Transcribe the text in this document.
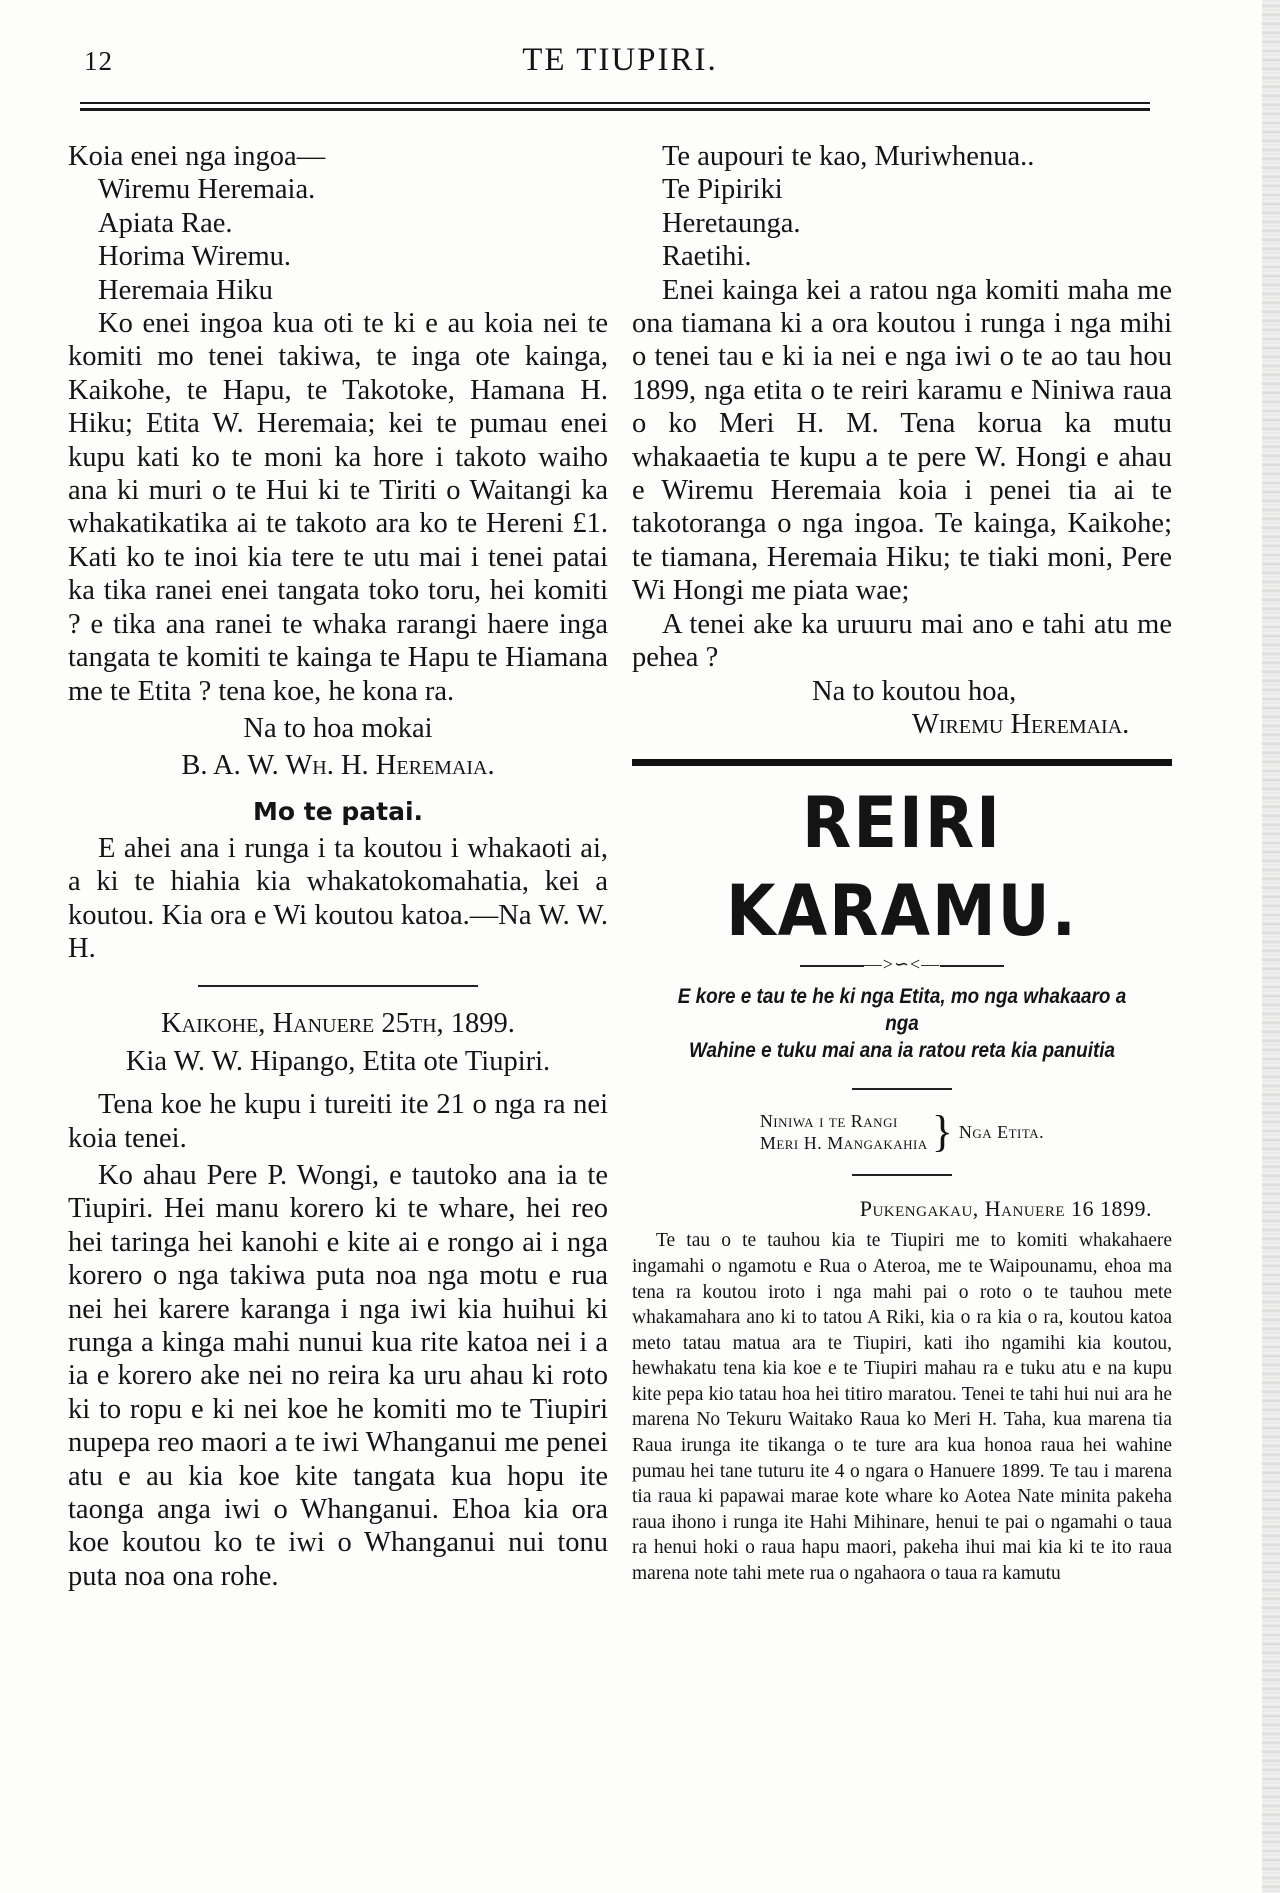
12	TE TIUPIRI.
Koia enei nga ingoa—
Wiremu Heremaia.
Apiata Rae.
Horima Wiremu.
Heremaia Hiku

Ko enei ingoa kua oti te ki e au koia nei te komiti mo tenei takiwa, te inga ote kainga, Kaikohe, te Hapu, te Takotoke, Hamana H. Hiku; Etita W. Heremaia; kei te pumau enei kupu kati ko te moni ka hore i takoto waiho ana ki muri o te Hui ki te Tiriti o Waitangi ka whakatikatika ai te takoto ara ko te Hereni £1. Kati ko te inoi kia tere te utu mai i tenei patai ka tika ranei enei tangata toko toru, hei komiti ? e tika ana ranei te whaka rarangi haere inga tangata te komiti te kainga te Hapu te Hiamana me te Etita ? tena koe, he kona ra.

Na to hoa mokai
B. A. W. Wh. H. Heremaia.
Mo te patai.

E ahei ana i runga i ta koutou i whakaoti ai, a ki te hiahia kia whakatokomahatia, kei a koutou. Kia ora e Wi koutou katoa.—Na W. W. H.

Kaikohe, Hanuere 25th, 1899.
Kia W. W. Hipango, Etita ote Tiupiri.

Tena koe he kupu i tureiti ite 21 o nga ra nei koia tenei.

Ko ahau Pere P. Wongi, e tautoko ana ia te Tiupiri. Hei manu korero ki te whare, hei reo hei taringa hei kanohi e kite ai e rongo ai i nga korero o nga takiwa puta noa nga motu e rua nei hei karere karanga i nga iwi kia huihui ki runga a kinga mahi nunui kua rite katoa nei i a ia e korero ake nei no reira ka uru ahau ki roto ki to ropu e ki nei koe he komiti mo te Tiupiri nupepa reo maori a te iwi Whanganui me penei atu e au kia koe kite tangata kua hopu ite taonga anga iwi o Whanganui. Ehoa kia ora koe koutou ko te iwi o Whanganui nui tonu puta noa ona rohe.

Te aupouri te kao, Muriwhenua..
Te Pipiriki
Heretaunga.
Raetihi.

Enei kainga kei a ratou nga komiti maha me ona tiamana ki a ora koutou i runga i nga mihi o tenei tau e ki ia nei e nga iwi o te ao tau hou 1899, nga etita o te reiri karamu e Niniwa raua o ko Meri H. M. Tena korua ka mutu whakaaetia te kupu a te pere W. Hongi e ahau e Wiremu Heremaia koia i penei tia ai te takotoranga o nga ingoa. Te kainga, Kaikohe; te tiamana, Heremaia Hiku; te tiaki moni, Pere Wi Hongi me piata wae;

A tenei ake ka uruuru mai ano e tahi atu me pehea ?

Na to koutou hoa,
Wiremu Heremaia.
REIRI KARAMU.
—>∽<—

E kore e tau te he ki nga Etita, mo nga whakaaro a nga

Wahine e tuku mai ana ia ratou reta kia panuitia

Niniwa i te Rangi
Meri H. Mangakahia } Nga Etita.
Pukengakau, Hanuere 16 1899.

Te tau o te tauhou kia te Tiupiri me to komiti whakahaere ingamahi o ngamotu e Rua o Ateroa, me te Waipounamu, ehoa ma tena ra koutou iroto i nga mahi pai o roto o te tauhou mete whakamahara ano ki to tatou A Riki, kia o ra kia o ra, koutou katoa meto tatau matua ara te Tiupiri, kati iho ngamihi kia koutou, hewhakatu tena kia koe e te Tiupiri mahau ra e tuku atu e na kupu kite pepa kio tatau hoa hei titiro maratou. Tenei te tahi hui nui ara he marena No Tekuru Waitako Raua ko Meri H. Taha, kua marena tia Raua irunga ite tikanga o te ture ara kua honoa raua hei wahine pumau hei tane tuturu ite 4 o ngara o Hanuere 1899. Te tau i marena tia raua ki papawai marae kote whare ko Aotea Nate minita pakeha raua ihono i runga ite Hahi Mihinare, henui te pai o ngamahi o taua ra henui hoki o raua hapu maori, pakeha ihui mai kia ki te ito raua marena note tahi mete rua o ngahaora o taua ra kamutu
